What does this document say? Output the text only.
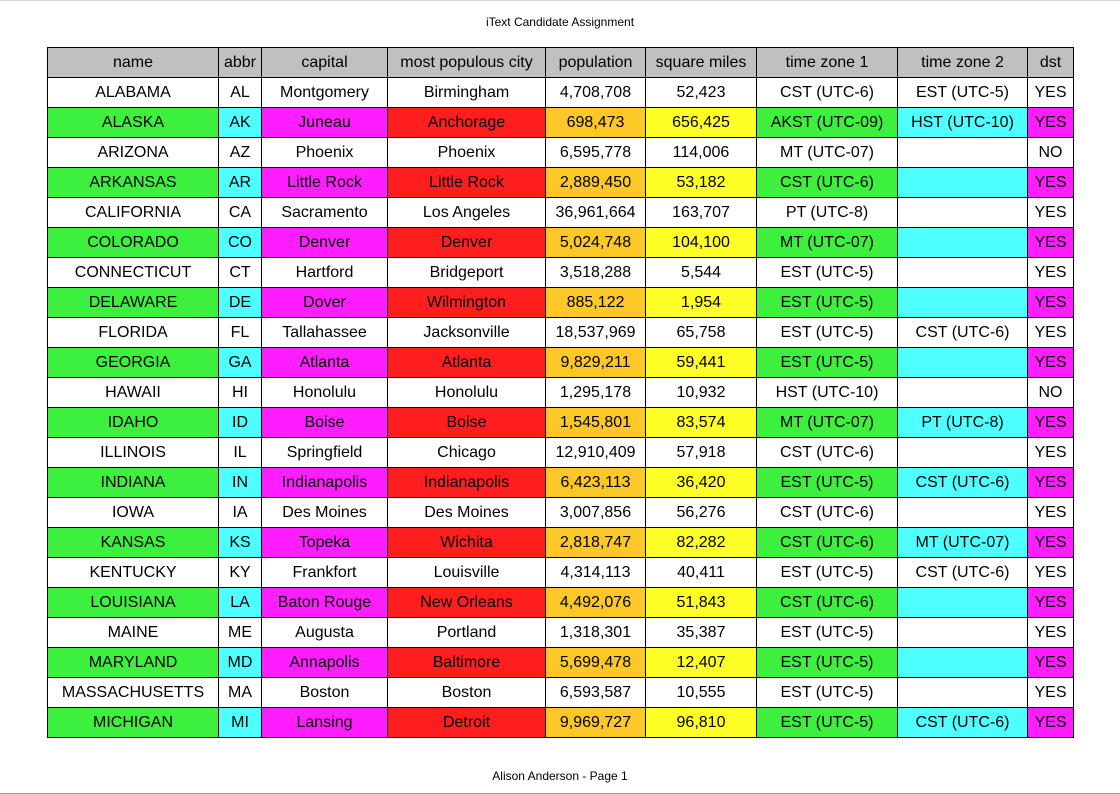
iText Candidate Assignment
name	abbr	capital	most populous city	population	square miles	time zone 1	time zone 2	dst
ALABAMA	AL	Montgomery	Birmingham	4,708,708	52,423	CST (UTC-6)	EST (UTC-5)	YES
ALASKA	AK	Juneau	Anchorage	698,473	656,425	AKST (UTC-09)	HST (UTC-10)	YES
ARIZONA	AZ	Phoenix	Phoenix	6,595,778	114,006	MT (UTC-07)		NO
ARKANSAS	AR	Little Rock	Little Rock	2,889,450	53,182	CST (UTC-6)		YES
CALIFORNIA	CA	Sacramento	Los Angeles	36,961,664	163,707	PT (UTC-8)		YES
COLORADO	CO	Denver	Denver	5,024,748	104,100	MT (UTC-07)		YES
CONNECTICUT	CT	Hartford	Bridgeport	3,518,288	5,544	EST (UTC-5)		YES
DELAWARE	DE	Dover	Wilmington	885,122	1,954	EST (UTC-5)		YES
FLORIDA	FL	Tallahassee	Jacksonville	18,537,969	65,758	EST (UTC-5)	CST (UTC-6)	YES
GEORGIA	GA	Atlanta	Atlanta	9,829,211	59,441	EST (UTC-5)		YES
HAWAII	HI	Honolulu	Honolulu	1,295,178	10,932	HST (UTC-10)		NO
IDAHO	ID	Boise	Boise	1,545,801	83,574	MT (UTC-07)	PT (UTC-8)	YES
ILLINOIS	IL	Springfield	Chicago	12,910,409	57,918	CST (UTC-6)		YES
INDIANA	IN	Indianapolis	Indianapolis	6,423,113	36,420	EST (UTC-5)	CST (UTC-6)	YES
IOWA	IA	Des Moines	Des Moines	3,007,856	56,276	CST (UTC-6)		YES
KANSAS	KS	Topeka	Wichita	2,818,747	82,282	CST (UTC-6)	MT (UTC-07)	YES
KENTUCKY	KY	Frankfort	Louisville	4,314,113	40,411	EST (UTC-5)	CST (UTC-6)	YES
LOUISIANA	LA	Baton Rouge	New Orleans	4,492,076	51,843	CST (UTC-6)		YES
MAINE	ME	Augusta	Portland	1,318,301	35,387	EST (UTC-5)		YES
MARYLAND	MD	Annapolis	Baltimore	5,699,478	12,407	EST (UTC-5)		YES
MASSACHUSETTS	MA	Boston	Boston	6,593,587	10,555	EST (UTC-5)		YES
MICHIGAN	MI	Lansing	Detroit	9,969,727	96,810	EST (UTC-5)	CST (UTC-6)	YES
Alison Anderson - Page 1
